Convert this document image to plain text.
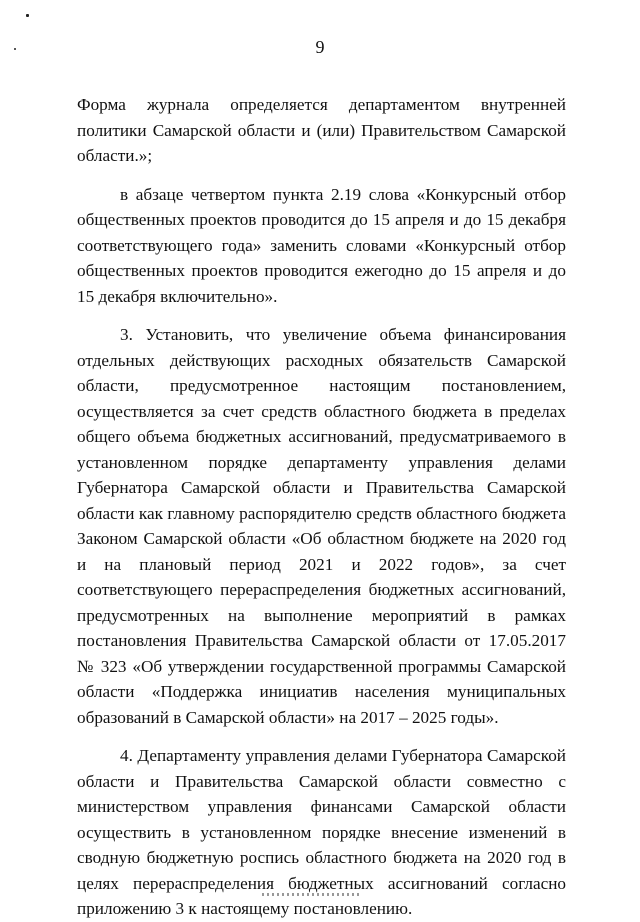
9

Форма журнала определяется департаментом внутренней политики Самарской области и (или) Правительством Самарской области.»;

в абзаце четвертом пункта 2.19 слова «Конкурсный отбор общественных проектов проводится до 15 апреля и до 15 декабря соответствующего года» заменить словами «Конкурсный отбор общественных проектов проводится ежегодно до 15 апреля и до 15 декабря включительно».

3. Установить, что увеличение объема финансирования отдельных действующих расходных обязательств Самарской области, предусмотренное настоящим постановлением, осуществляется за счет средств областного бюджета в пределах общего объема бюджетных ассигнований, предусматриваемого в установленном порядке департаменту управления делами Губернатора Самарской области и Правительства Самарской области как главному распорядителю средств областного бюджета Законом Самарской области «Об областном бюджете на 2020 год и на плановый период 2021 и 2022 годов», за счет соответствующего перераспределения бюджетных ассигнований, предусмотренных на выполнение мероприятий в рамках постановления Правительства Самарской области от 17.05.2017 № 323 «Об утверждении государственной программы Самарской области «Поддержка инициатив населения муниципальных образований в Самарской области» на 2017 – 2025 годы».

4. Департаменту управления делами Губернатора Самарской области и Правительства Самарской области совместно с министерством управления финансами Самарской области осуществить в установленном порядке внесение изменений в сводную бюджетную роспись областного бюджета на 2020 год в целях перераспределения бюджетных ассигнований согласно приложению 3 к настоящему постановлению.
